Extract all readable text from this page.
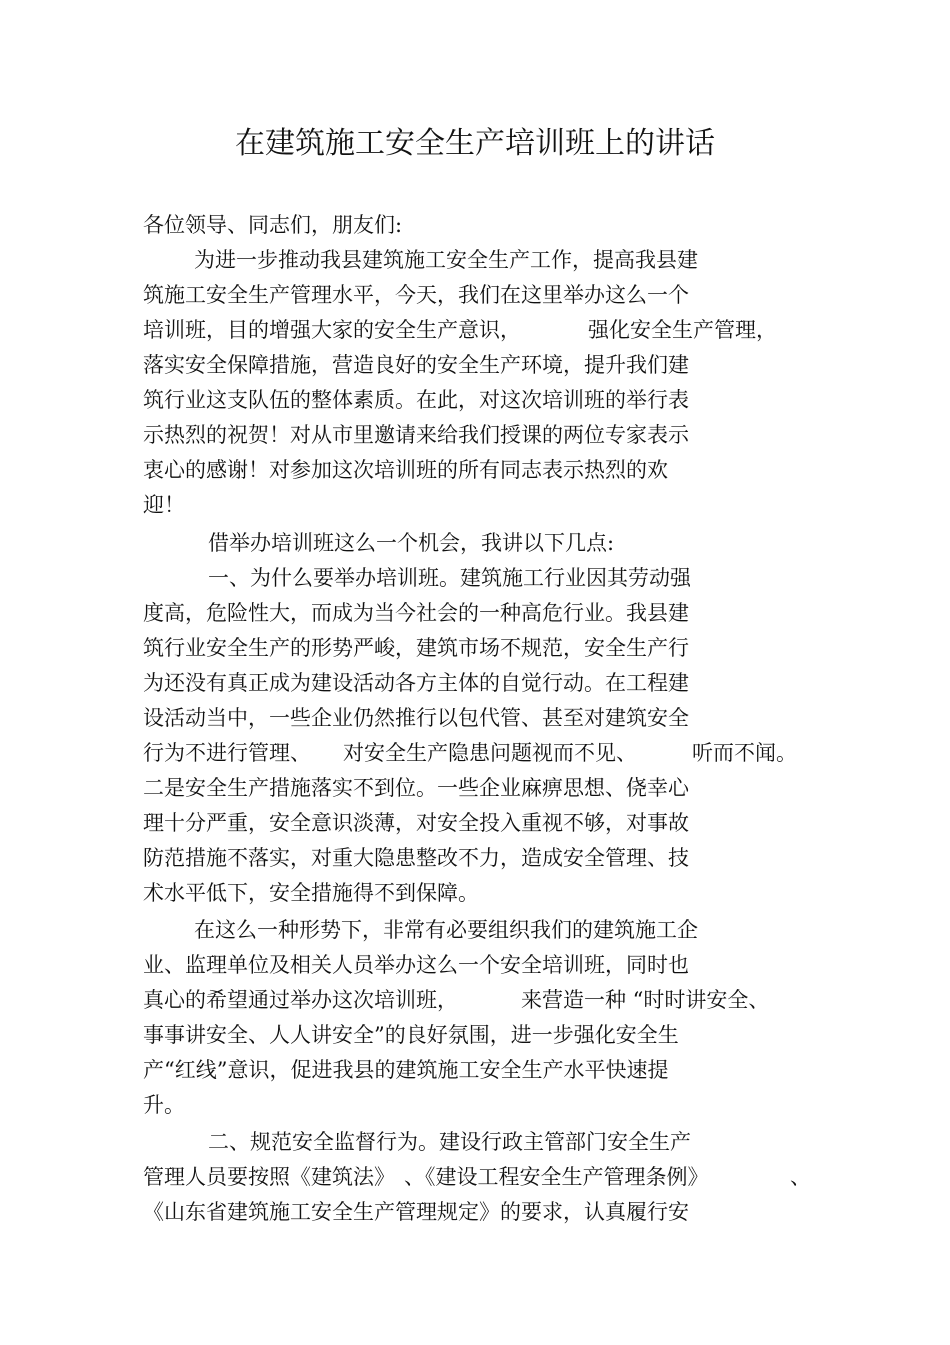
在建筑施工安全生产培训班上的讲话
各位领导、同志们，朋友们:
为进一步推动我县建筑施工安全生产工作，提高我县建
筑施工安全生产管理水平，今天，我们在这里举办这么一个
培训班，目的增强大家的安全生产意识，	强化安全生产管理，
落实安全保障措施，营造良好的安全生产环境，提升我们建
筑行业这支队伍的整体素质。在此，对这次培训班的举行表
示热烈的祝贺！对从市里邀请来给我们授课的两位专家表示
衷心的感谢！对参加这次培训班的所有同志表示热烈的欢
迎！
借举办培训班这么一个机会，我讲以下几点:
一、为什么要举办培训班。建筑施工行业因其劳动强
度高，危险性大，而成为当今社会的一种高危行业。我县建
筑行业安全生产的形势严峻，建筑市场不规范，安全生产行
为还没有真正成为建设活动各方主体的自觉行动。在工程建
设活动当中，一些企业仍然推行以包代管、甚至对建筑安全
行为不进行管理、 对安全生产隐患问题视而不见、	听而不闻。
二是安全生产措施落实不到位。一些企业麻痹思想、侥幸心
理十分严重，安全意识淡薄，对安全投入重视不够，对事故
防范措施不落实，对重大隐患整改不力，造成安全管理、技
术水平低下，安全措施得不到保障。
在这么一种形势下，非常有必要组织我们的建筑施工企
业、监理单位及相关人员举办这么一个安全培训班，同时也
真心的希望通过举办这次培训班，	来营造一种 “时时讲安全、
事事讲安全、人人讲安全”的良好氛围，进一步强化安全生
产“红线”意识，促进我县的建筑施工安全生产水平快速提
升。
二、规范安全监督行为。建设行政主管部门安全生产
管理人员要按照《建筑法》 、《建设工程安全生产管理条例》	、
《山东省建筑施工安全生产管理规定》的要求，认真履行安
